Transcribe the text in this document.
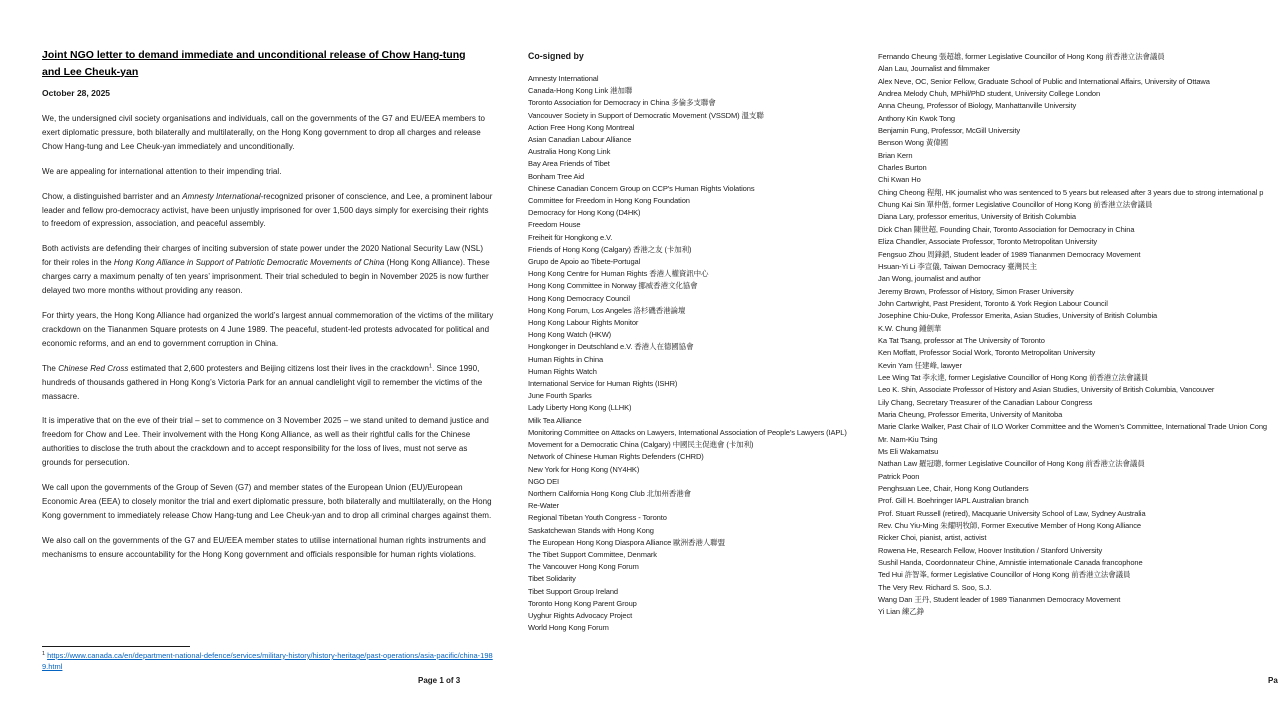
Joint NGO letter to demand immediate and unconditional release of Chow Hang-tung
and Lee Cheuk-yan
October 28, 2025
We, the undersigned civil society organisations and individuals, call on the governments of the G7 and EU/EEA members to exert diplomatic pressure, both bilaterally and multilaterally, on the Hong Kong government to drop all charges and release Chow Hang-tung and Lee Cheuk-yan immediately and unconditionally.
We are appealing for international attention to their impending trial.
Chow, a distinguished barrister and an Amnesty International-recognized prisoner of conscience, and Lee, a prominent labour leader and fellow pro-democracy activist, have been unjustly imprisoned for over 1,500 days simply for exercising their rights to freedom of expression, association, and peaceful assembly.
Both activists are defending their charges of inciting subversion of state power under the 2020 National Security Law (NSL) for their roles in the Hong Kong Alliance in Support of Patriotic Democratic Movements of China (Hong Kong Alliance). These charges carry a maximum penalty of ten years’ imprisonment. Their trial scheduled to begin in November 2025 is now further delayed two more months without providing any reason.
For thirty years, the Hong Kong Alliance had organized the world’s largest annual commemoration of the victims of the military crackdown on the Tiananmen Square protests on 4 June 1989. The peaceful, student-led protests advocated for political and economic reforms, and an end to government corruption in China.
The Chinese Red Cross estimated that 2,600 protesters and Beijing citizens lost their lives in the crackdown$^1$. Since 1990, hundreds of thousands gathered in Hong Kong’s Victoria Park for an annual candlelight vigil to remember the victims of the massacre.
It is imperative that on the eve of their trial – set to commence on 3 November 2025 – we stand united to demand justice and freedom for Chow and Lee. Their involvement with the Hong Kong Alliance, as well as their rightful calls for the Chinese authorities to disclose the truth about the crackdown and to accept responsibility for the loss of lives, must not serve as grounds for persecution.
We call upon the governments of the Group of Seven (G7) and member states of the European Union (EU)/European Economic Area (EEA) to closely monitor the trial and exert diplomatic pressure, both bilaterally and multilaterally, on the Hong Kong government to immediately release Chow Hang-tung and Lee Cheuk-yan and to drop all criminal charges against them.
We also call on the governments of the G7 and EU/EEA member states to utilise international human rights instruments and mechanisms to ensure accountability for the Hong Kong government and officials responsible for human rights violations.
$^1$ https://www.canada.ca/en/department-national-defence/services/military-history/history-heritage/past-operations/asia-pacific/china-1989.html
Page 1 of 3
Co-signed by
Amnesty International
Canada-Hong Kong Link 港加聯
Toronto Association for Democracy in China 多倫多支聯會
Vancouver Society in Support of Democratic Movement (VSSDM) 溫支聯
Action Free Hong Kong Montreal
Asian Canadian Labour Alliance
Australia Hong Kong Link
Bay Area Friends of Tibet
Bonham Tree Aid
Chinese Canadian Concern Group on CCP’s Human Rights Violations
Committee for Freedom in Hong Kong Foundation
Democracy for Hong Kong (D4HK)
Freedom House
Freiheit für Hongkong e.V.
Friends of Hong Kong (Calgary) 香港之友 (卡加利)
Grupo de Apoio ao Tibete-Portugal
Hong Kong Centre for Human Rights 香港人權資訊中心
Hong Kong Committee in Norway 挪威香港文化協會
Hong Kong Democracy Council
Hong Kong Forum, Los Angeles 洛杉磯香港論壇
Hong Kong Labour Rights Monitor
Hong Kong Watch (HKW)
Hongkonger in Deutschland e.V. 香港人在德國協會
Human Rights in China
Human Rights Watch
International Service for Human Rights (ISHR)
June Fourth Sparks
Lady Liberty Hong Kong (LLHK)
Milk Tea Alliance
Monitoring Committee on Attacks on Lawyers, International Association of People’s Lawyers (IAPL)
Movement for a Democratic China (Calgary) 中國民主促進會 (卡加利)
Network of Chinese Human Rights Defenders (CHRD)
New York for Hong Kong (NY4HK)
NGO DEI
Northern California Hong Kong Club 北加州香港會
Re-Water
Regional Tibetan Youth Congress - Toronto
Saskatchewan Stands with Hong Kong
The European Hong Kong Diaspora Alliance 歐洲香港人聯盟
The Tibet Support Committee, Denmark
The Vancouver Hong Kong Forum
Tibet Solidarity
Tibet Support Group Ireland
Toronto Hong Kong Parent Group
Uyghur Rights Advocacy Project
World Hong Kong Forum
Fernando Cheung 張超雄, former Legislative Councillor of Hong Kong 前香港立法會議員
Alan Lau, Journalist and filmmaker
Alex Neve, OC, Senior Fellow, Graduate School of Public and International Affairs, University of Ottawa
Andrea Melody Chuh, MPhil/PhD student, University College London
Anna Cheung, Professor of Biology, Manhattanville University
Anthony Kin Kwok Tong
Benjamin Fung, Professor, McGill University
Benson Wong 黃偉國
Brian Kern
Charles Burton
Chi Kwan Ho
Ching Cheong 程翔, HK journalist who was sentenced to 5 years but released after 3 years due to strong international p
Chung Kai Sin 單仲偕, former Legislative Councillor of Hong Kong 前香港立法會議員
Diana Lary, professor emeritus, University of British Columbia
Dick Chan 陳世超, Founding Chair, Toronto Association for Democracy in China
Eliza Chandler, Associate Professor, Toronto Metropolitan University
Fengsuo Zhou 周鋒鎖, Student leader of 1989 Tiananmen Democracy Movement
Hsuan-Yi Li 李宣儀, Taiwan Democracy 臺灣民主
Jan Wong, journalist and author
Jeremy Brown, Professor of History, Simon Fraser University
John Cartwright, Past President, Toronto & York Region Labour Council
Josephine Chiu-Duke, Professor Emerita, Asian Studies, University of British Columbia
K.W. Chung 鍾劍華
Ka Tat Tsang, professor at The University of Toronto
Ken Moffatt, Professor Social Work, Toronto Metropolitan University
Kevin Yam 任建峰, lawyer
Lee Wing Tat 李永達, former Legislative Councillor of Hong Kong 前香港立法會議員
Leo K. Shin, Associate Professor of History and Asian Studies, University of British Columbia, Vancouver
Lily Chang, Secretary Treasurer of the Canadian Labour Congress
Maria Cheung, Professor Emerita, University of Manitoba
Marie Clarke Walker, Past Chair of ILO Worker Committee and the Women’s Committee, International Trade Union Cong
Mr. Nam-Kiu Tsing
Ms Eli Wakamatsu
Nathan Law 羅冠聰, former Legislative Councillor of Hong Kong 前香港立法會議員
Patrick Poon
Penghsuan Lee, Chair, Hong Kong Outlanders
Prof. Gill H. Boehringer IAPL Australian branch
Prof. Stuart Russell (retired), Macquarie University School of Law, Sydney Australia
Rev. Chu Yiu-Ming 朱耀明牧師, Former Executive Member of Hong Kong Alliance
Ricker Choi, pianist, artist, activist
Rowena He, Research Fellow, Hoover Institution / Stanford University
Sushil Handa, Coordonnateur Chine, Amnistie internationale Canada francophone
Ted Hui 許智峯, former Legislative Councillor of Hong Kong 前香港立法會議員
The Very Rev. Richard S. Soo, S.J.
Wang Dan 王丹, Student leader of 1989 Tiananmen Democracy Movement
Yi Lian 練乙錚
Pa
